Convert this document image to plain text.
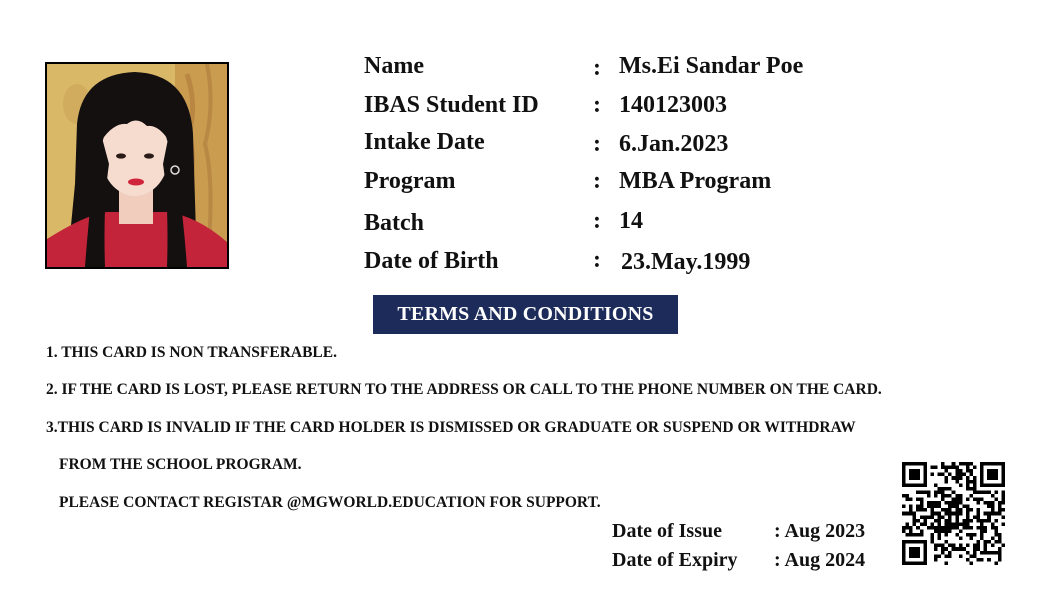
Name	: Ms.Ei Sandar Poe
IBAS Student ID : 140123003
Intake Date	: 6.Jan.2023
Program	: MBA Program
Batch	: 14
Date of Birth	: 23.May.1999
TERMS AND CONDITIONS
1. THIS CARD IS NON TRANSFERABLE.
2. IF THE CARD IS LOST, PLEASE RETURN TO THE ADDRESS OR CALL TO THE PHONE NUMBER ON THE CARD.
3.THIS CARD IS INVALID IF THE CARD HOLDER IS DISMISSED OR GRADUATE OR SUSPEND OR WITHDRAW
FROM THE SCHOOL PROGRAM.
PLEASE CONTACT REGISTAR @MGWORLD.EDUCATION FOR SUPPORT.
Date of Issue	: Aug 2023
Date of Expiry : Aug 2024
